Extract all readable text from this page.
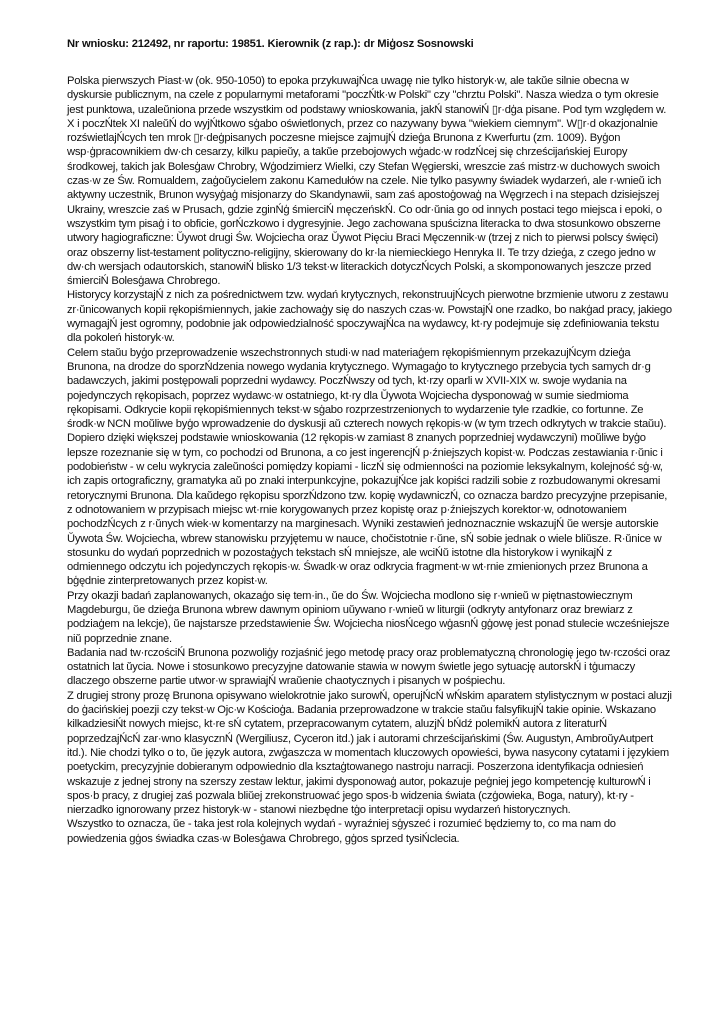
Nr wniosku: 212492, nr raportu: 19851. Kierownik (z rap.): dr Miģosz Sosnowski

Polska pierwszych Piast·w (ok. 950-1050) to epoka przykuwajŃca uwagę nie tylko historyk·w, ale takŭe silnie obecna w dyskursie publicznym, na czele z popularnymi metaforami "poczŃtk·w Polski" czy "chrztu Polski". Nasza wiedza o tym okresie jest punktowa, uzaleŭniona przede wszystkim od podstawy wnioskowania, jakŃ stanowiŃ ▯r·dģa pisane. Pod tym względem w. X i poczŃtek XI naleŭŃ do wyjŃtkowo sģabo oświetlonych, przez co nazywany bywa "wiekiem ciemnym". W▯r·d okazjonalnie rozświetlajŃcych ten mrok ▯r·deģpisanych poczesne miejsce zajmujŃ dzieģa Brunona z Kwerfurtu (zm. 1009). Byģon wsp·ģpracownikiem dw·ch cesarzy, kilku papieŭy, a takŭe przebojowych wģadc·w rodzŃcej się chrześcijańskiej Europy środkowej, takich jak Bolesģaw Chrobry, Wģodzimierz Wielki, czy Stefan Węgierski, wreszcie zaś mistrz·w duchowych swoich czas·w ze Św. Romualdem, zaģoŭycielem zakonu Kamedułów na czele. Nie tylko pasywny świadek wydarzeń, ale r·wnieŭ ich aktywny uczestnik, Brunon wysyģaģ misjonarzy do Skandynawii, sam zaś apostoģowaģ na Węgrzech i na stepach dzisiejszej Ukrainy, wreszcie zaś w Prusach, gdzie zginŃģ śmierciŃ męczeńskŃ. Co odr·ŭnia go od innych postaci tego miejsca i epoki, o wszystkim tym pisaģ i to obficie, gorŃczkowo i dygresyjnie. Jego zachowana spuścizna literacka to dwa stosunkowo obszerne utwory hagiograficzne: Ŭywot drugi Św. Wojciecha oraz Ŭywot Pięciu Braci Męczennik·w (trzej z nich to pierwsi polscy święci) oraz obszerny list-testament polityczno-religijny, skierowany do kr·la niemieckiego Henryka II. Te trzy dzieģa, z czego jedno w dw·ch wersjach odautorskich, stanowiŃ blisko 1/3 tekst·w literackich dotyczŃcych Polski, a skomponowanych jeszcze przed śmierciŃ Bolesģawa Chrobrego.

Historycy korzystajŃ z nich za pośrednictwem tzw. wydań krytycznych, rekonstruujŃcych pierwotne brzmienie utworu z zestawu zr·ŭnicowanych kopii rękopiśmiennych, jakie zachowaģy się do naszych czas·w. PowstajŃ one rzadko, bo nakģad pracy, jakiego wymagajŃ jest ogromny, podobnie jak odpowiedzialność spoczywajŃca na wydawcy, kt·ry podejmuje się zdefiniowania tekstu dla pokoleń historyk·w.

Celem staŭu byģo przeprowadzenie wszechstronnych studi·w nad materiaģem rękopiśmiennym przekazujŃcym dzieģa Brunona, na drodze do sporzŃdzenia nowego wydania krytycznego. Wymagaģo to krytycznego przebycia tych samych dr·g badawczych, jakimi postępowali poprzedni wydawcy. PoczŃwszy od tych, kt·rzy oparli w XVII-XIX w. swoje wydania na pojedynczych rękopisach, poprzez wydawc·w ostatniego, kt·ry dla Ŭywota Wojciecha dysponowaģ w sumie siedmioma rękopisami. Odkrycie kopii rękopiśmiennych tekst·w sģabo rozprzestrzenionych to wydarzenie tyle rzadkie, co fortunne. Ze środk·w NCN moŭliwe byģo wprowadzenie do dyskusji aŭ czterech nowych rękopis·w (w tym trzech odkrytych w trakcie staŭu). Dopiero dzięki większej podstawie wnioskowania (12 rękopis·w zamiast 8 znanych poprzedniej wydawczyni) moŭliwe byģo lepsze rozeznanie się w tym, co pochodzi od Brunona, a co jest ingerencjŃ p·źniejszych kopist·w. Podczas zestawiania r·ŭnic i podobieństw - w celu wykrycia zaleŭności pomiędzy kopiami - liczŃ się odmienności na poziomie leksykalnym, kolejność sģ·w, ich zapis ortograficzny, gramatyka aŭ po znaki interpunkcyjne, pokazujŃce jak kopiści radzili sobie z rozbudowanymi okresami retorycznymi Brunona. Dla kaŭdego rękopisu sporzŃdzono tzw. kopię wydawniczŃ, co oznacza bardzo precyzyjne przepisanie, z odnotowaniem w przypisach miejsc wt·rnie korygowanych przez kopistę oraz p·źniejszych korektor·w, odnotowaniem pochodzŃcych z r·ŭnych wiek·w komentarzy na marginesach. Wyniki zestawień jednoznacznie wskazujŃ ŭe wersje autorskie Ŭywota Św. Wojciecha, wbrew stanowisku przyjętemu w nauce, chočistotnie r·ŭne, sŃ sobie jednak o wiele bliŭsze. R·ŭnice w stosunku do wydań poprzednich w pozostaģych tekstach sŃ mniejsze, ale wciŃŭ istotne dla historykow i wynikajŃ z odmiennego odczytu ich pojedynczych rękopis·w. Śwadk·w oraz odkrycia fragment·w wt·rnie zmienionych przez Brunona a bģędnie zinterpretowanych przez kopist·w.

Przy okazji badań zaplanowanych, okazaģo się tem·in., ŭe do Św. Wojciecha modlono się r·wnieŭ w piętnastowiecznym Magdeburgu, ŭe dzieģa Brunona wbrew dawnym opiniom uŭywano r·wnieŭ w liturgii (odkryty antyfonarz oraz brewiarz z podziaģem na lekcje), ŭe najstarsze przedstawienie Św. Wojciecha niosŃcego wģasnŃ gģowę jest ponad stulecie wcześniejsze niŭ poprzednie znane.

Badania nad tw·rczościŃ Brunona pozwoliģy rozjaśnić jego metodę pracy oraz problematyczną chronologię jego tw·rczości oraz ostatnich lat ŭycia. Nowe i stosunkowo precyzyjne datowanie stawia w nowym świetle jego sytuację autorskŃ i tģumaczy dlaczego obszerne partie utwor·w sprawiajŃ wraŭenie chaotycznych i pisanych w pośpiechu.

Z drugiej strony prozę Brunona opisywano wielokrotnie jako surowŃ, operujŃcŃ wŃskim aparatem stylistycznym w postaci aluzji do ģacińskiej poezji czy tekst·w Ojc·w Kościoģa. Badania przeprowadzone w trakcie staŭu falsyfikujŃ takie opinie. Wskazano kilkadziesiŃt nowych miejsc, kt·re sŃ cytatem, przepracowanym cytatem, aluzjŃ bŃdź polemikŃ autora z literaturŃ poprzedzajŃcŃ zar·wno klasycznŃ (Wergiliusz, Cyceron itd.) jak i autorami chrześcijańskimi (Św. Augustyn, AmbroŭyAutpert itd.). Nie chodzi tylko o to, ŭe język autora, zwģaszcza w momentach kluczowych opowieści, bywa nasycony cytatami i językiem poetyckim, precyzyjnie dobieranym odpowiednio dla ksztaģtowanego nastroju narracji. Poszerzona identyfikacja odniesień wskazuje z jednej strony na szerszy zestaw lektur, jakimi dysponowaģ autor, pokazuje peģniej jego kompetencję kulturowŃ i spos·b pracy, z drugiej zaś pozwala bliŭej zrekonstruować jego spos·b widzenia świata (czģowieka, Boga, natury), kt·ry - nierzadko ignorowany przez historyk·w - stanowi niezbędne tģo interpretacji opisu wydarzeń historycznych.

Wszystko to oznacza, ŭe - taka jest rola kolejnych wydań - wyraźniej sģyszeć i rozumieć będziemy to, co ma nam do powiedzenia gģos świadka czas·w Bolesģawa Chrobrego, gģos sprzed tysiŃclecia.
